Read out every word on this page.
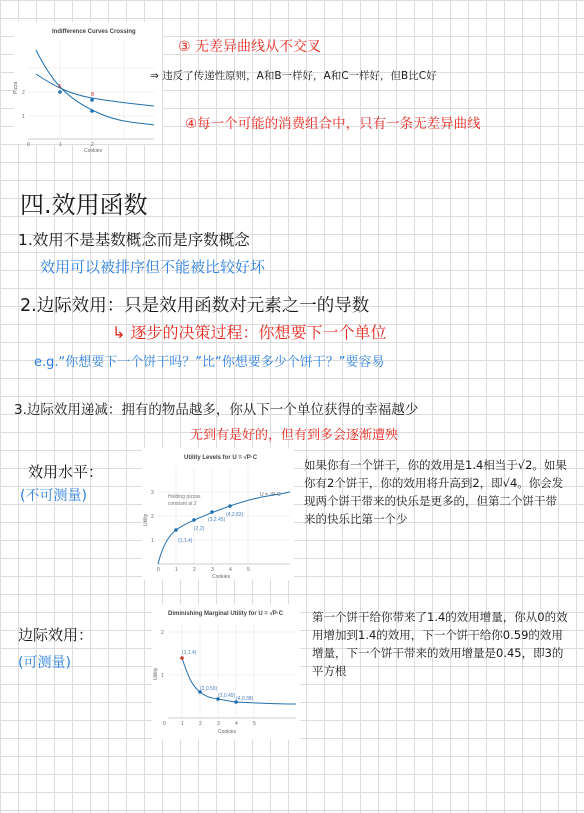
Indifference Curves Crossing
0	1	2
1
2
Pizza
Cookies
A
B
③ 无差异曲线从不交叉
⇒ 违反了传递性原则，A和B一样好，A和C一样好，但B比C好
④每一个可能的消费组合中，只有一条无差异曲线
四.效用函数
1.效用不是基数概念而是序数概念
效用可以被排序但不能被比较好坏
2.边际效用：只是效用函数对元素之一的导数
↳ 逐步的决策过程：你想要下一个单位
e.g.“你想要下一个饼干吗？”比“你想要多少个饼干？”要容易
3.边际效用递减：拥有的物品越多，你从下一个单位获得的幸福越少
无到有是好的，但有到多会逐渐遭殃
效用水平：
(不可测量)
Utility Levels for U = √P·C
0	1	2	3	4	5
1
2
3
Utility
Cookies
Holding pizzas
constant at 2
(1,1.4)
(2,2)
(3,2.45)
(4,2.83)
U = √P·C
如果你有一个饼干，你的效用是1.4相当于√2。如果你有2个饼干，你的效用将升高到2，即√4。你会发现两个饼干带来的快乐是更多的，但第二个饼干带来的快乐比第一个少
边际效用：
(可测量)
Diminishing Marginal Utility for U = √P·C
0	1	2	3	4	5
1
2
Utility
Cookies
(1,1.4)
(2,0.59)
(3,0.45) (4,0.38)
第一个饼干给你带来了1.4的效用增量，你从0的效用增加到1.4的效用，下一个饼干给你0.59的效用增量，下一个饼干带来的效用增量是0.45，即3的平方根
